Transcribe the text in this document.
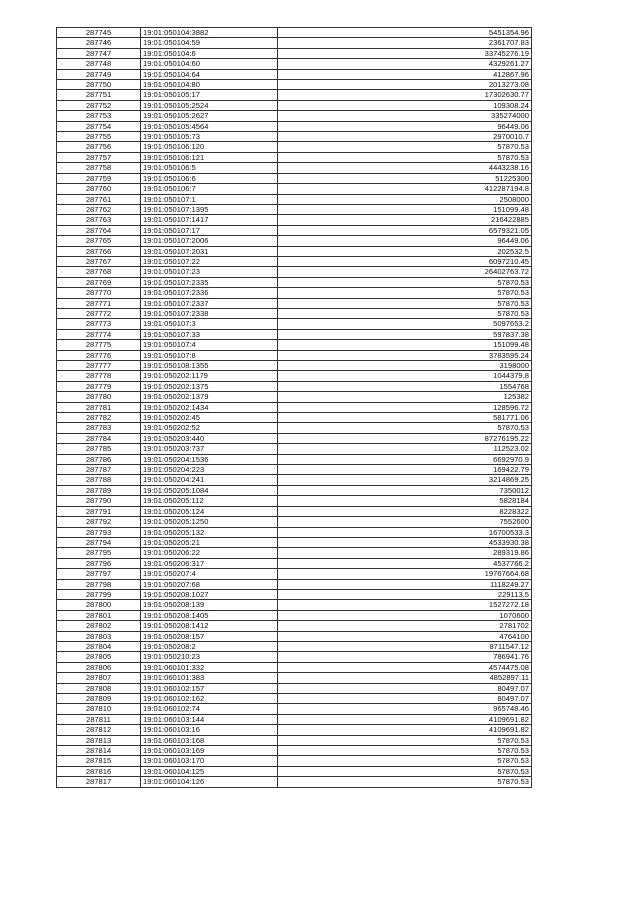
287745	19:01:050104:3882	5451354.96
287746	19:01:050104:59	2361707.83
287747	19:01:050104:6	33745276.19
287748	19:01:050104:60	4329261.27
287749	19:01:050104:64	412867.96
287750	19:01:050104:80	2013273.08
287751	19:01:050105:17	17302630.77
287752	19:01:050105:2524	109308.24
287753	19:01:050105:2627	335274000
287754	19:01:050105:4564	96449.06
287755	19:01:050105:73	2970010.7
287756	19:01:050106:120	57870.53
287757	19:01:050106:121	57870.53
287758	19:01:050106:5	4443238.16
287759	19:01:050106:6	51225300
287760	19:01:050106:7	412287194.8
287761	19:01:050107:1	2508000
287762	19:01:050107:1395	151099.48
287763	19:01:050107:1417	216422885
287764	19:01:050107:17	6579321.05
287765	19:01:050107:2006	96449.06
287766	19:01:050107:2031	202532.5
287767	19:01:050107:22	6097210.45
287768	19:01:050107:23	26402763.72
287769	19:01:050107:2335	57870.53
287770	19:01:050107:2336	57870.53
287771	19:01:050107:2337	57870.53
287772	19:01:050107:2338	57870.53
287773	19:01:050107:3	5097653.2
287774	19:01:050107:33	597837.38
287775	19:01:050107:4	151099.48
287776	19:01:050107:8	3783595.24
287777	19:01:050108:1355	3198000
287778	19:01:050202:1179	1044379.8
287779	19:01:050202:1375	1554768
287780	19:01:050202:1379	125382
287781	19:01:050202:1434	128596.72
287782	19:01:050202:45	581771.06
287783	19:01:050202:52	57870.53
287784	19:01:050203:440	87276195.22
287785	19:01:050203:737	112523.02
287786	19:01:050204:1536	6692970.9
287787	19:01:050204:223	169422.79
287788	19:01:050204:241	3214869.25
287789	19:01:050205:1084	7350012
287790	19:01:050205:112	5828184
287791	19:01:050205:124	8228322
287792	19:01:050205:1250	7552600
287793	19:01:050205:132	16700533.3
287794	19:01:050205:21	4533930.38
287795	19:01:050206:22	289319.86
287796	19:01:050206:317	4537766.2
287797	19:01:050207:4	19767664.68
287798	19:01:050207:68	1118249.27
287799	19:01:050208:1027	229113.5
287800	19:01:050208:139	1527272.18
287801	19:01:050208:1405	1070600
287802	19:01:050208:1412	2781702
287803	19:01:050208:157	4764100
287804	19:01:050208:2	8711547.12
287805	19:01:050210:23	786941.76
287806	19:01:060101:332	4574475.08
287807	19:01:060101:383	4852897.11
287808	19:01:060102:157	80497.07
287809	19:01:060102:162	80497.07
287810	19:01:060102:74	965748.46
287811	19:01:060103:144	4109691.82
287812	19:01:060103:16	4109691.82
287813	19:01:060103:168	57870.53
287814	19:01:060103:169	57870.53
287815	19:01:060103:170	57870.53
287816	19:01:060104:125	57870.53
287817	19:01:060104:126	57870.53
